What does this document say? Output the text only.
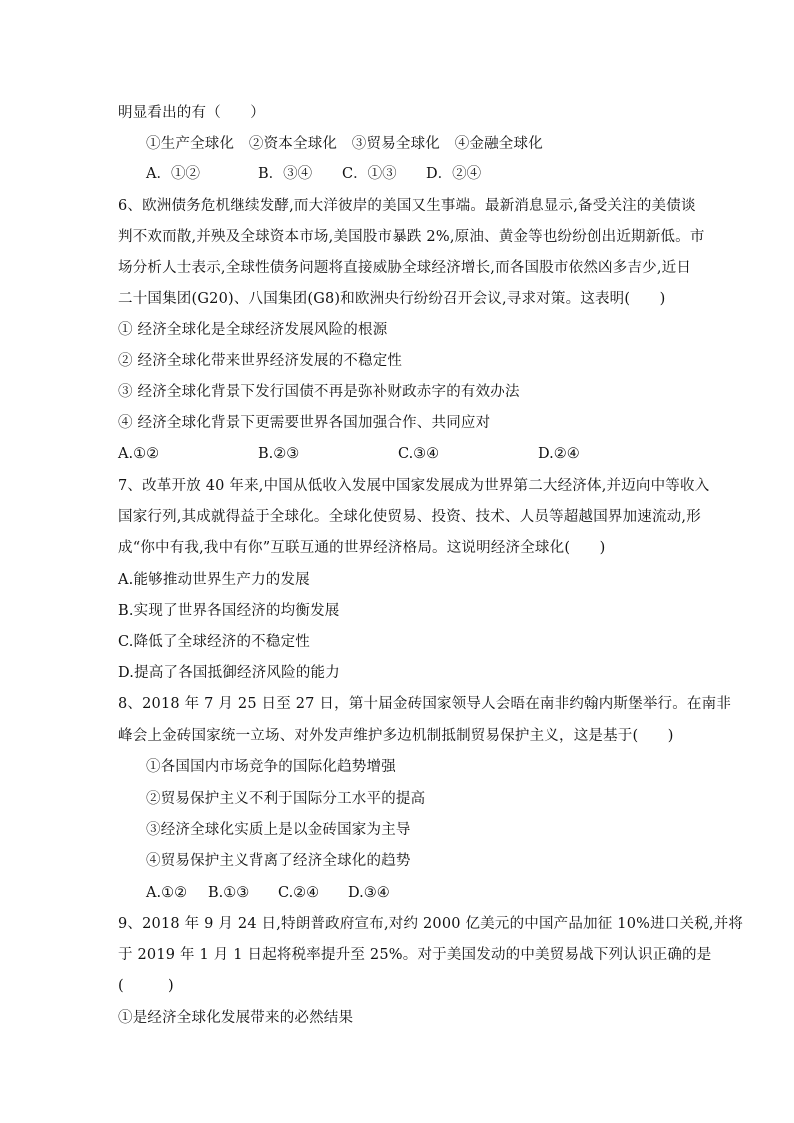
明显看出的有（　　）
①生产全球化　②资本全球化　③贸易全球化　④金融全球化
A．①②	B．③④ C．①③ D．②④
6、欧洲债务危机继续发酵,而大洋彼岸的美国又生事端。最新消息显示,备受关注的美债谈
判不欢而散,并殃及全球资本市场,美国股市暴跌 2%,原油、黄金等也纷纷创出近期新低。市
场分析人士表示,全球性债务问题将直接威胁全球经济增长,而各国股市依然凶多吉少,近日
二十国集团(G20)、八国集团(G8)和欧洲央行纷纷召开会议,寻求对策。这表明(　　)
① 经济全球化是全球经济发展风险的根源
② 经济全球化带来世界经济发展的不稳定性
③ 经济全球化背景下发行国债不再是弥补财政赤字的有效办法
④ 经济全球化背景下更需要世界各国加强合作、共同应对
A.①②	B.②③	C.③④	D.②④
7、改革开放 40 年来,中国从低收入发展中国家发展成为世界第二大经济体,并迈向中等收入
国家行列,其成就得益于全球化。全球化使贸易、投资、技术、人员等超越国界加速流动,形
成“你中有我,我中有你”互联互通的世界经济格局。这说明经济全球化(　　)
A.能够推动世界生产力的发展
B.实现了世界各国经济的均衡发展
C.降低了全球经济的不稳定性
D.提高了各国抵御经济风险的能力
8、2018 年 7 月 25 日至 27 日，第十届金砖国家领导人会晤在南非约翰内斯堡举行。在南非
峰会上金砖国家统一立场、对外发声维护多边机制抵制贸易保护主义，这是基于(　　)
①各国国内市场竞争的国际化趋势增强
②贸易保护主义不利于国际分工水平的提高
③经济全球化实质上是以金砖国家为主导
④贸易保护主义背离了经济全球化的趋势
A.①② B.①③ C.②④ D.③④
9、2018 年 9 月 24 日,特朗普政府宣布,对约 2000 亿美元的中国产品加征 10%进口关税,并将
于 2019 年 1 月 1 日起将税率提升至 25%。对于美国发动的中美贸易战下列认识正确的是
(　　　)
①是经济全球化发展带来的必然结果
